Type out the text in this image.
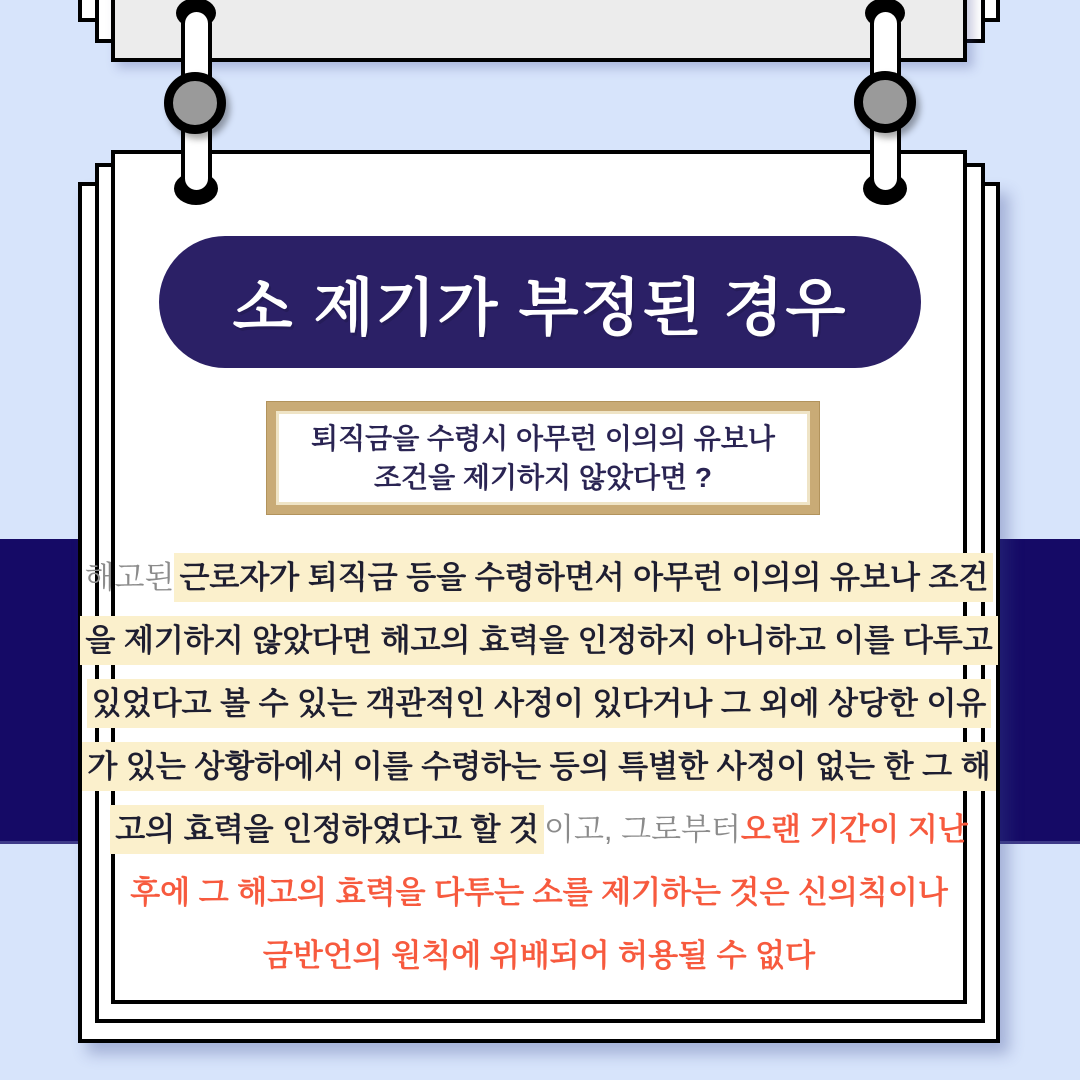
소 제기가 부정된 경우
퇴직금을 수령시 아무런 이의의 유보나
조건을 제기하지 않았다면 ?
해고된 근로자가 퇴직금 등을 수령하면서 아무런 이의의 유보나 조건
을 제기하지 않았다면 해고의 효력을 인정하지 아니하고 이를 다투고
있었다고 볼 수 있는 객관적인 사정이 있다거나 그 외에 상당한 이유
가 있는 상황하에서 이를 수령하는 등의 특별한 사정이 없는 한 그 해
고의 효력을 인정하였다고 할 것 이고, 그로부터 오랜 기간이 지난
후에 그 해고의 효력을 다투는 소를 제기하는 것은 신의칙이나
금반언의 원칙에 위배되어 허용될 수 없다
